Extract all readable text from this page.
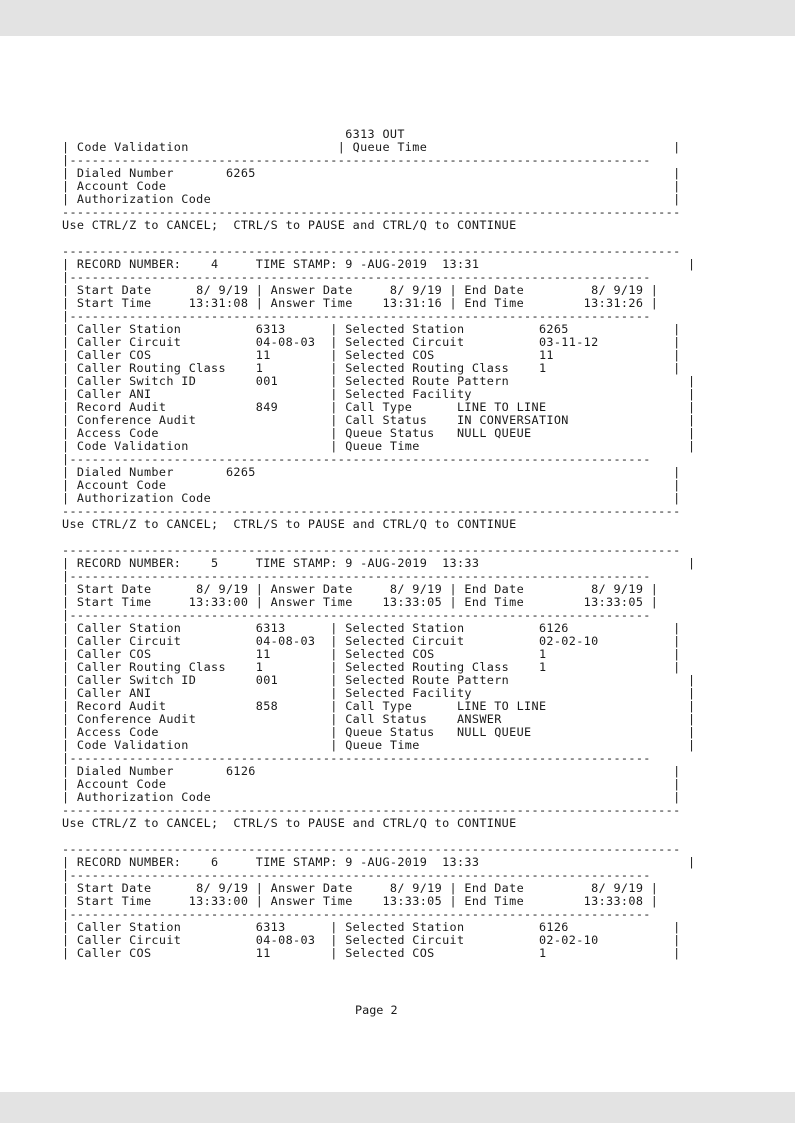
6313 OUT
| Code Validation                    | Queue Time                                 |
|------------------------------------------------------------------------------
| Dialed Number       6265                                                        |
| Account Code                                                                    |
| Authorization Code                                                              |
-----------------------------------------------------------------------------------
Use CTRL/Z to CANCEL;  CTRL/S to PAUSE and CTRL/Q to CONTINUE
-----------------------------------------------------------------------------------
| RECORD NUMBER:    4     TIME STAMP: 9 -AUG-2019  13:31                            |
|------------------------------------------------------------------------------
| Start Date      8/ 9/19 | Answer Date     8/ 9/19 | End Date         8/ 9/19 |
| Start Time     13:31:08 | Answer Time    13:31:16 | End Time        13:31:26 |
|------------------------------------------------------------------------------
| Caller Station          6313      | Selected Station          6265              |
| Caller Circuit          04-08-03  | Selected Circuit          03-11-12          |
| Caller COS              11        | Selected COS              11                |
| Caller Routing Class    1         | Selected Routing Class    1                 |
| Caller Switch ID        001       | Selected Route Pattern                        |
| Caller ANI                        | Selected Facility                             |
| Record Audit            849       | Call Type      LINE TO LINE                   |
| Conference Audit                  | Call Status    IN CONVERSATION                |
| Access Code                       | Queue Status   NULL QUEUE                     |
| Code Validation                   | Queue Time                                    |
|------------------------------------------------------------------------------
| Dialed Number       6265                                                        |
| Account Code                                                                    |
| Authorization Code                                                              |
-----------------------------------------------------------------------------------
Use CTRL/Z to CANCEL;  CTRL/S to PAUSE and CTRL/Q to CONTINUE
-----------------------------------------------------------------------------------
| RECORD NUMBER:    5     TIME STAMP: 9 -AUG-2019  13:33                            |
|------------------------------------------------------------------------------
| Start Date      8/ 9/19 | Answer Date     8/ 9/19 | End Date         8/ 9/19 |
| Start Time     13:33:00 | Answer Time    13:33:05 | End Time        13:33:05 |
|------------------------------------------------------------------------------
| Caller Station          6313      | Selected Station          6126              |
| Caller Circuit          04-08-03  | Selected Circuit          02-02-10          |
| Caller COS              11        | Selected COS              1                 |
| Caller Routing Class    1         | Selected Routing Class    1                 |
| Caller Switch ID        001       | Selected Route Pattern                        |
| Caller ANI                        | Selected Facility                             |
| Record Audit            858       | Call Type      LINE TO LINE                   |
| Conference Audit                  | Call Status    ANSWER                         |
| Access Code                       | Queue Status   NULL QUEUE                     |
| Code Validation                   | Queue Time                                    |
|------------------------------------------------------------------------------
| Dialed Number       6126                                                        |
| Account Code                                                                    |
| Authorization Code                                                              |
-----------------------------------------------------------------------------------
Use CTRL/Z to CANCEL;  CTRL/S to PAUSE and CTRL/Q to CONTINUE
-----------------------------------------------------------------------------------
| RECORD NUMBER:    6     TIME STAMP: 9 -AUG-2019  13:33                            |
|------------------------------------------------------------------------------
| Start Date      8/ 9/19 | Answer Date     8/ 9/19 | End Date         8/ 9/19 |
| Start Time     13:33:00 | Answer Time    13:33:05 | End Time        13:33:08 |
|------------------------------------------------------------------------------
| Caller Station          6313      | Selected Station          6126              |
| Caller Circuit          04-08-03  | Selected Circuit          02-02-10          |
| Caller COS              11        | Selected COS              1                 |
Page 2
